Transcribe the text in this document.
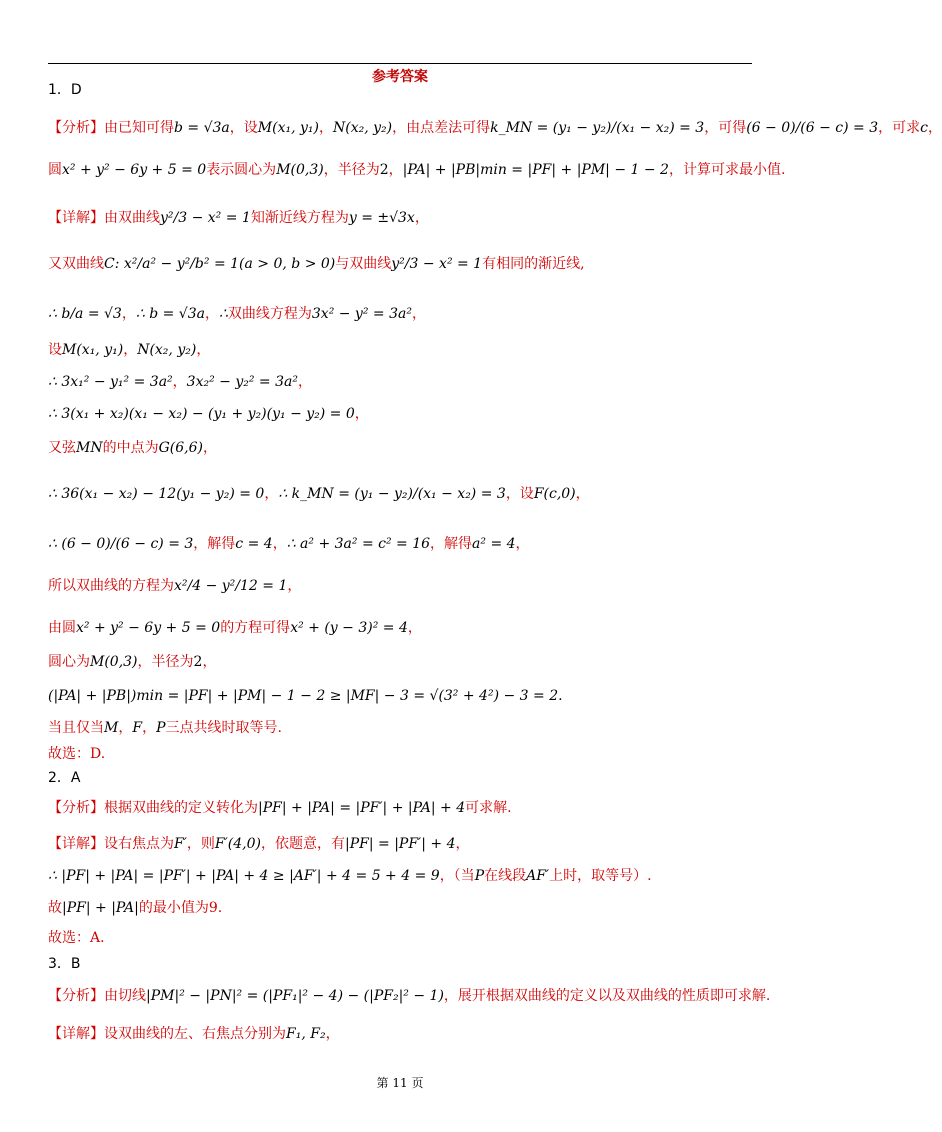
参考答案
1．D
【分析】由已知可得b = √3a，设M(x₁, y₁)，N(x₂, y₂)，由点差法可得k_MN = (y₁ − y₂)/(x₁ − x₂) = 3，可得(6 − 0)/(6 − c) = 3，可求c，
圆x² + y² − 6y + 5 = 0表示圆心为M(0,3)，半径为2，|PA| + |PB|min = |PF| + |PM| − 1 − 2，计算可求最小值.
【详解】由双曲线y²/3 − x² = 1知渐近线方程为y = ±√3x，
又双曲线C: x²/a² − y²/b² = 1(a > 0, b > 0)与双曲线y²/3 − x² = 1有相同的渐近线,
∴ b/a = √3，∴ b = √3a，∴双曲线方程为3x² − y² = 3a²，
设M(x₁, y₁)，N(x₂, y₂)，
∴ 3x₁² − y₁² = 3a²，3x₂² − y₂² = 3a²，
∴ 3(x₁ + x₂)(x₁ − x₂) − (y₁ + y₂)(y₁ − y₂) = 0，
又弦MN的中点为G(6,6)，
∴ 36(x₁ − x₂) − 12(y₁ − y₂) = 0，∴ k_MN = (y₁ − y₂)/(x₁ − x₂) = 3，设F(c,0)，
∴ (6 − 0)/(6 − c) = 3，解得c = 4，∴ a² + 3a² = c² = 16，解得a² = 4，
所以双曲线的方程为x²/4 − y²/12 = 1，
由圆x² + y² − 6y + 5 = 0的方程可得x² + (y − 3)² = 4，
圆心为M(0,3)，半径为2，
(|PA| + |PB|)min = |PF| + |PM| − 1 − 2 ≥ |MF| − 3 = √(3² + 4²) − 3 = 2.
当且仅当M，F，P三点共线时取等号.
故选：D.
2．A
【分析】根据双曲线的定义转化为|PF| + |PA| = |PF′| + |PA| + 4可求解.
【详解】设右焦点为F′，则F′(4,0)，依题意，有|PF| = |PF′| + 4，
∴ |PF| + |PA| = |PF′| + |PA| + 4 ≥ |AF′| + 4 = 5 + 4 = 9，（当P在线段AF′上时，取等号）.
故|PF| + |PA|的最小值为9.
故选：A.
3．B
【分析】由切线|PM|² − |PN|² = (|PF₁|² − 4) − (|PF₂|² − 1)，展开根据双曲线的定义以及双曲线的性质即可求解.
【详解】设双曲线的左、右焦点分别为F₁, F₂，
第 11 页
